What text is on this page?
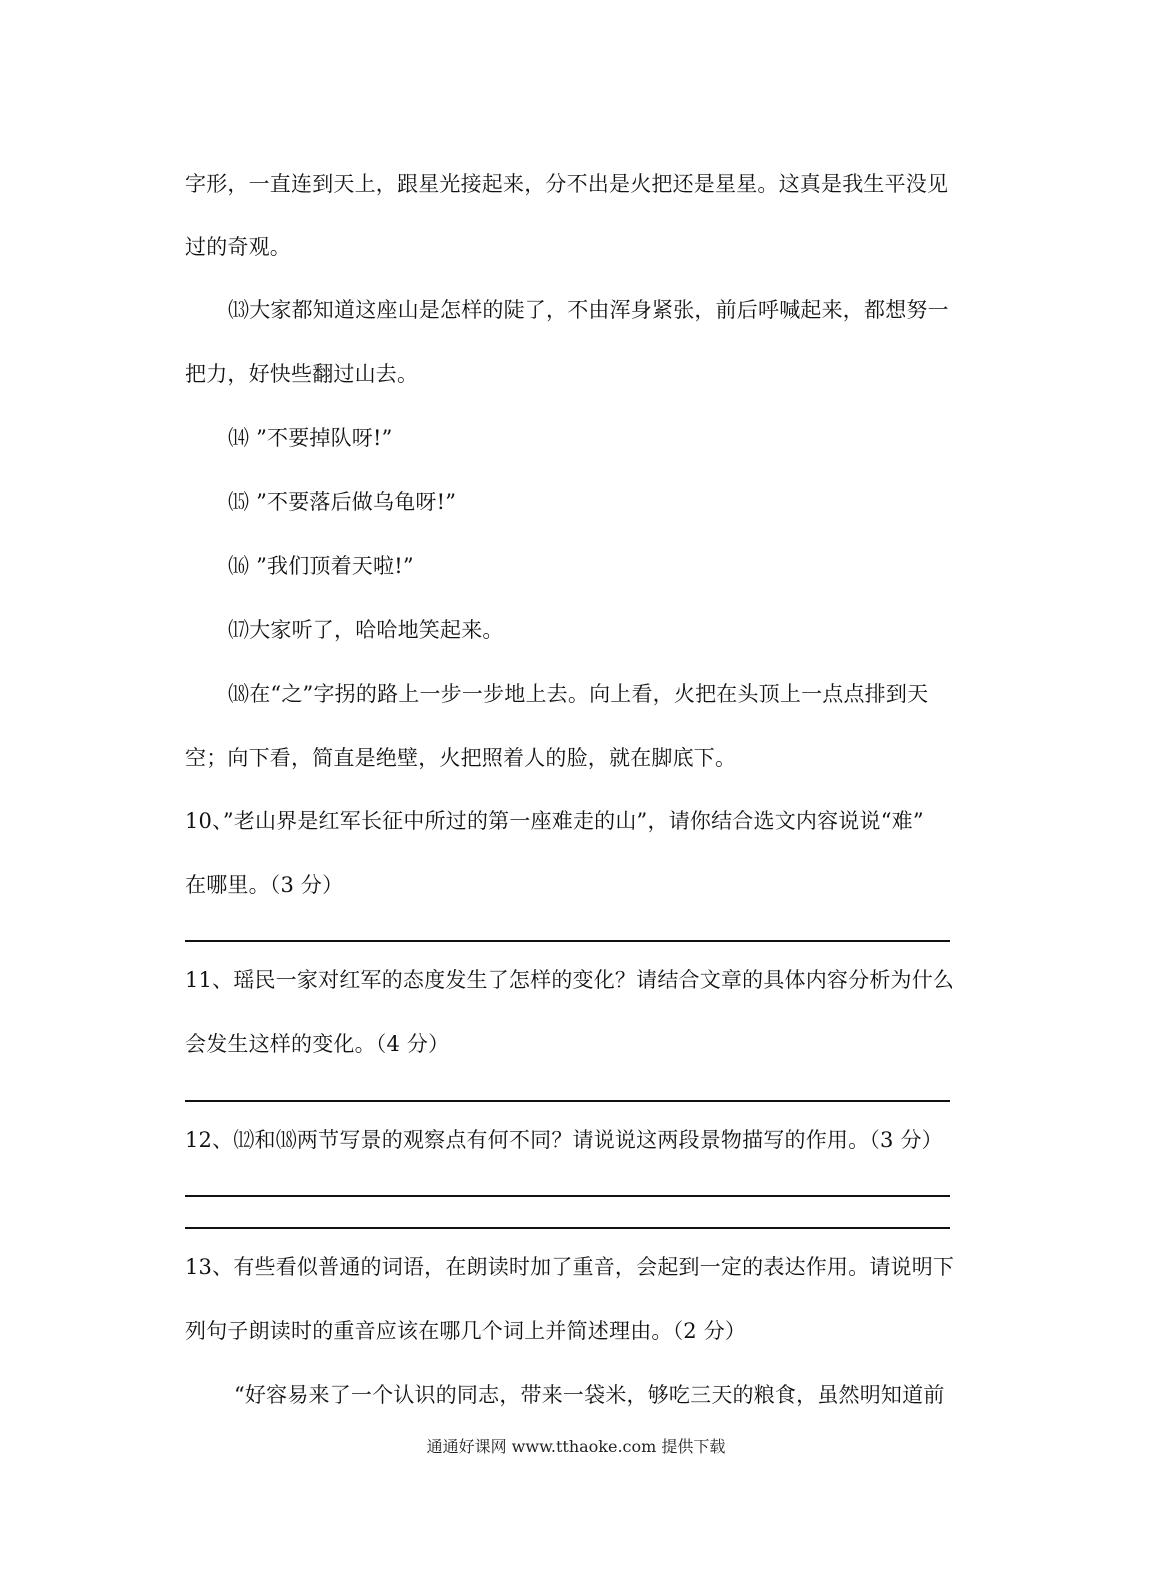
字形，一直连到天上，跟星光接起来，分不出是火把还是星星。这真是我生平没见
过的奇观。
⒀大家都知道这座山是怎样的陡了，不由浑身紧张，前后呼喊起来，都想努一
把力，好快些翻过山去。
⒁ ”不要掉队呀!”
⒂ ”不要落后做乌龟呀!”
⒃ ”我们顶着天啦!”
⒄大家听了，哈哈地笑起来。
⒅在“之”字拐的路上一步一步地上去。向上看，火把在头顶上一点点排到天
空；向下看，简直是绝壁，火把照着人的脸，就在脚底下。
10、”老山界是红军长征中所过的第一座难走的山”，请你结合选文内容说说“难”
在哪里。（3 分）
11、瑶民一家对红军的态度发生了怎样的变化？请结合文章的具体内容分析为什么
会发生这样的变化。（4 分）
12、⑿和⒅两节写景的观察点有何不同？请说说这两段景物描写的作用。（3 分）
13、有些看似普通的词语，在朗读时加了重音，会起到一定的表达作用。请说明下
列句子朗读时的重音应该在哪几个词上并简述理由。（2 分）
“好容易来了一个认识的同志，带来一袋米，够吃三天的粮食，虽然明知道前
通通好课网 www.tthaoke.com 提供下载
